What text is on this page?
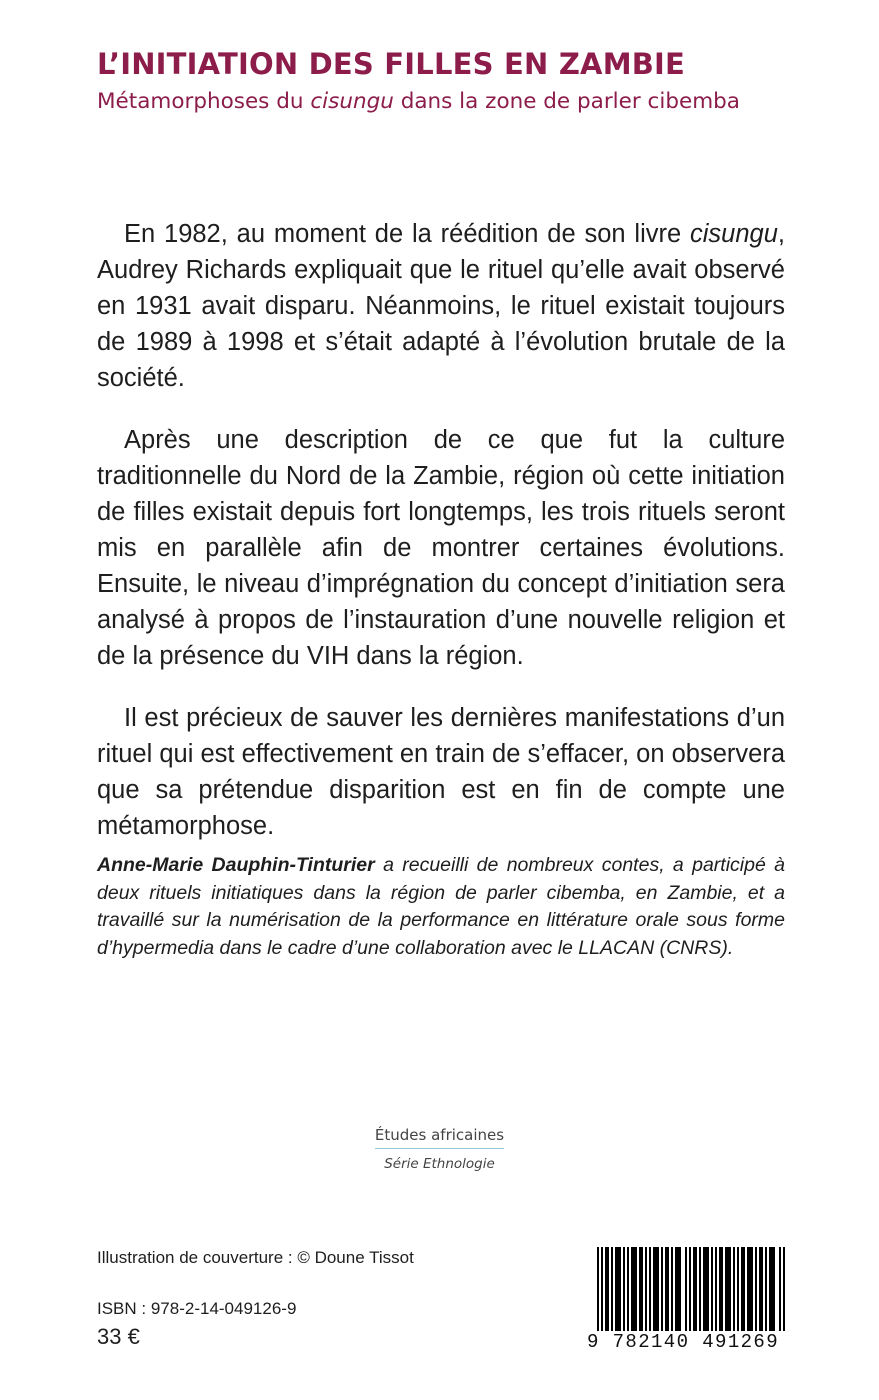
L’INITIATION DES FILLES EN ZAMBIE
Métamorphoses du cisungu dans la zone de parler cibemba

En 1982, au moment de la réédition de son livre cisungu, Audrey Richards expliquait que le rituel qu’elle avait observé en 1931 avait disparu. Néanmoins, le rituel existait toujours de 1989 à 1998 et s’était adapté à l’évolution brutale de la société.

Après une description de ce que fut la culture traditionnelle du Nord de la Zambie, région où cette initiation de filles existait depuis fort longtemps, les trois rituels seront mis en parallèle afin de montrer certaines évolutions. Ensuite, le niveau d’imprégnation du concept d’initiation sera analysé à propos de l’instauration d’une nouvelle religion et de la présence du VIH dans la région.

Il est précieux de sauver les dernières manifestations d’un rituel qui est effectivement en train de s’effacer, on observera que sa prétendue disparition est en fin de compte une métamorphose.

Anne-Marie Dauphin-Tinturier a recueilli de nombreux contes, a participé à deux rituels initiatiques dans la région de parler cibemba, en Zambie, et a travaillé sur la numérisation de la performance en littérature orale sous forme d’hypermedia dans le cadre d’une collaboration avec le LLACAN (CNRS).
Études africaines
Série Ethnologie
Illustration de couverture : © Doune Tissot
ISBN : 978-2-14-049126-9
33 €	9 782140 491269
